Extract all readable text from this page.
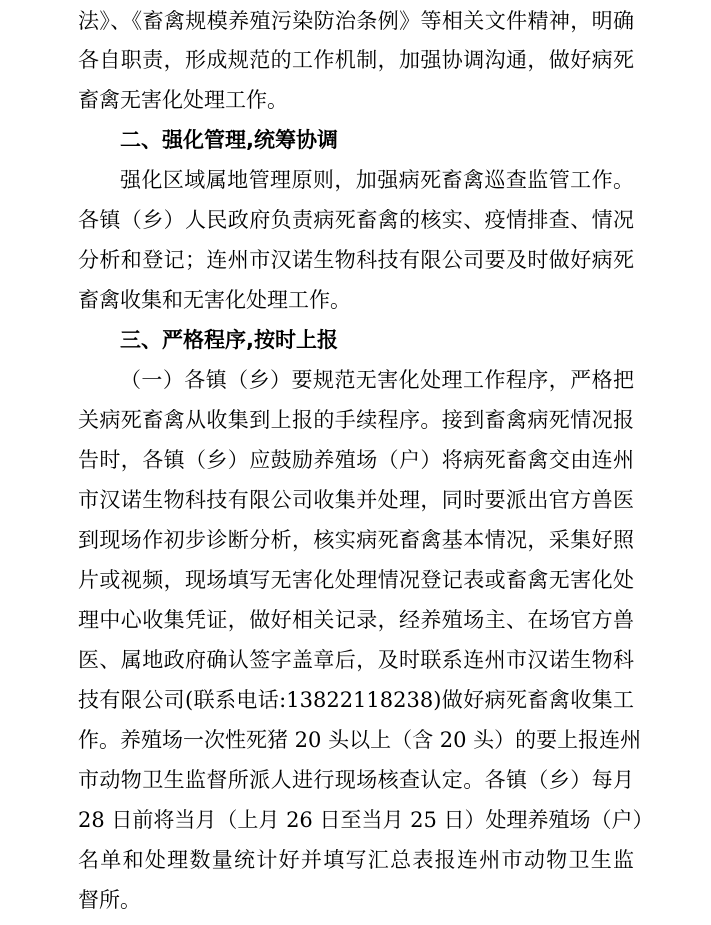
法》、《畜禽规模养殖污染防治条例》等相关文件精神，明确
各自职责，形成规范的工作机制，加强协调沟通，做好病死
畜禽无害化处理工作。
二、强化管理,统筹协调
强化区域属地管理原则，加强病死畜禽巡查监管工作。
各镇（乡）人民政府负责病死畜禽的核实、疫情排查、情况
分析和登记；连州市汉诺生物科技有限公司要及时做好病死
畜禽收集和无害化处理工作。
三、严格程序,按时上报
（一）各镇（乡）要规范无害化处理工作程序，严格把
关病死畜禽从收集到上报的手续程序。接到畜禽病死情况报
告时，各镇（乡）应鼓励养殖场（户）将病死畜禽交由连州
市汉诺生物科技有限公司收集并处理，同时要派出官方兽医
到现场作初步诊断分析，核实病死畜禽基本情况，采集好照
片或视频，现场填写无害化处理情况登记表或畜禽无害化处
理中心收集凭证，做好相关记录，经养殖场主、在场官方兽
医、属地政府确认签字盖章后，及时联系连州市汉诺生物科
技有限公司(联系电话:13822118238)做好病死畜禽收集工
作。养殖场一次性死猪 20 头以上（含 20 头）的要上报连州
市动物卫生监督所派人进行现场核查认定。各镇（乡）每月
28 日前将当月（上月 26 日至当月 25 日）处理养殖场（户）
名单和处理数量统计好并填写汇总表报连州市动物卫生监
督所。
